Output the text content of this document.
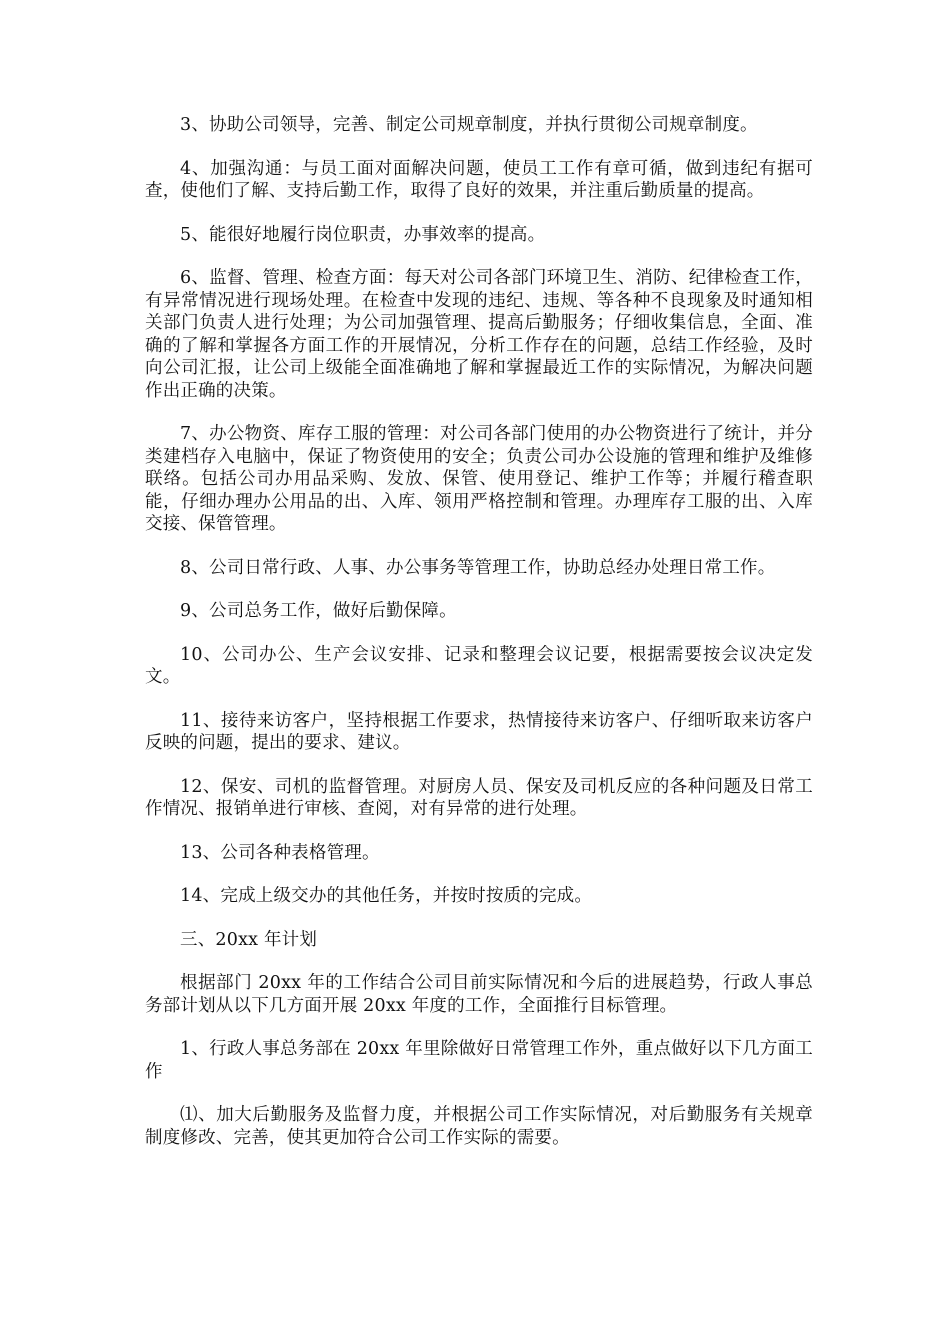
3、协助公司领导，完善、制定公司规章制度，并执行贯彻公司规章制度。

4、加强沟通：与员工面对面解决问题，使员工工作有章可循，做到违纪有据可查，使他们了解、支持后勤工作，取得了良好的效果，并注重后勤质量的提高。

5、能很好地履行岗位职责，办事效率的提高。

6、监督、管理、检查方面：每天对公司各部门环境卫生、消防、纪律检查工作，有异常情况进行现场处理。在检查中发现的违纪、违规、等各种不良现象及时通知相关部门负责人进行处理；为公司加强管理、提高后勤服务；仔细收集信息，全面、准确的了解和掌握各方面工作的开展情况，分析工作存在的问题，总结工作经验，及时向公司汇报，让公司上级能全面准确地了解和掌握最近工作的实际情况，为解决问题作出正确的决策。

7、办公物资、库存工服的管理：对公司各部门使用的办公物资进行了统计，并分类建档存入电脑中，保证了物资使用的安全；负责公司办公设施的管理和维护及维修联络。包括公司办用品采购、发放、保管、使用登记、维护工作等；并履行稽查职能，仔细办理办公用品的出、入库、领用严格控制和管理。办理库存工服的出、入库交接、保管管理。

8、公司日常行政、人事、办公事务等管理工作，协助总经办处理日常工作。

9、公司总务工作，做好后勤保障。

10、公司办公、生产会议安排、记录和整理会议记要，根据需要按会议决定发文。

11、接待来访客户，坚持根据工作要求，热情接待来访客户、仔细听取来访客户反映的问题，提出的要求、建议。

12、保安、司机的监督管理。对厨房人员、保安及司机反应的各种问题及日常工作情况、报销单进行审核、查阅，对有异常的进行处理。

13、公司各种表格管理。

14、完成上级交办的其他任务，并按时按质的完成。

三、20xx 年计划

根据部门 20xx 年的工作结合公司目前实际情况和今后的进展趋势，行政人事总务部计划从以下几方面开展 20xx 年度的工作，全面推行目标管理。

1、行政人事总务部在 20xx 年里除做好日常管理工作外，重点做好以下几方面工作

⑴、加大后勤服务及监督力度，并根据公司工作实际情况，对后勤服务有关规章制度修改、完善，使其更加符合公司工作实际的需要。
